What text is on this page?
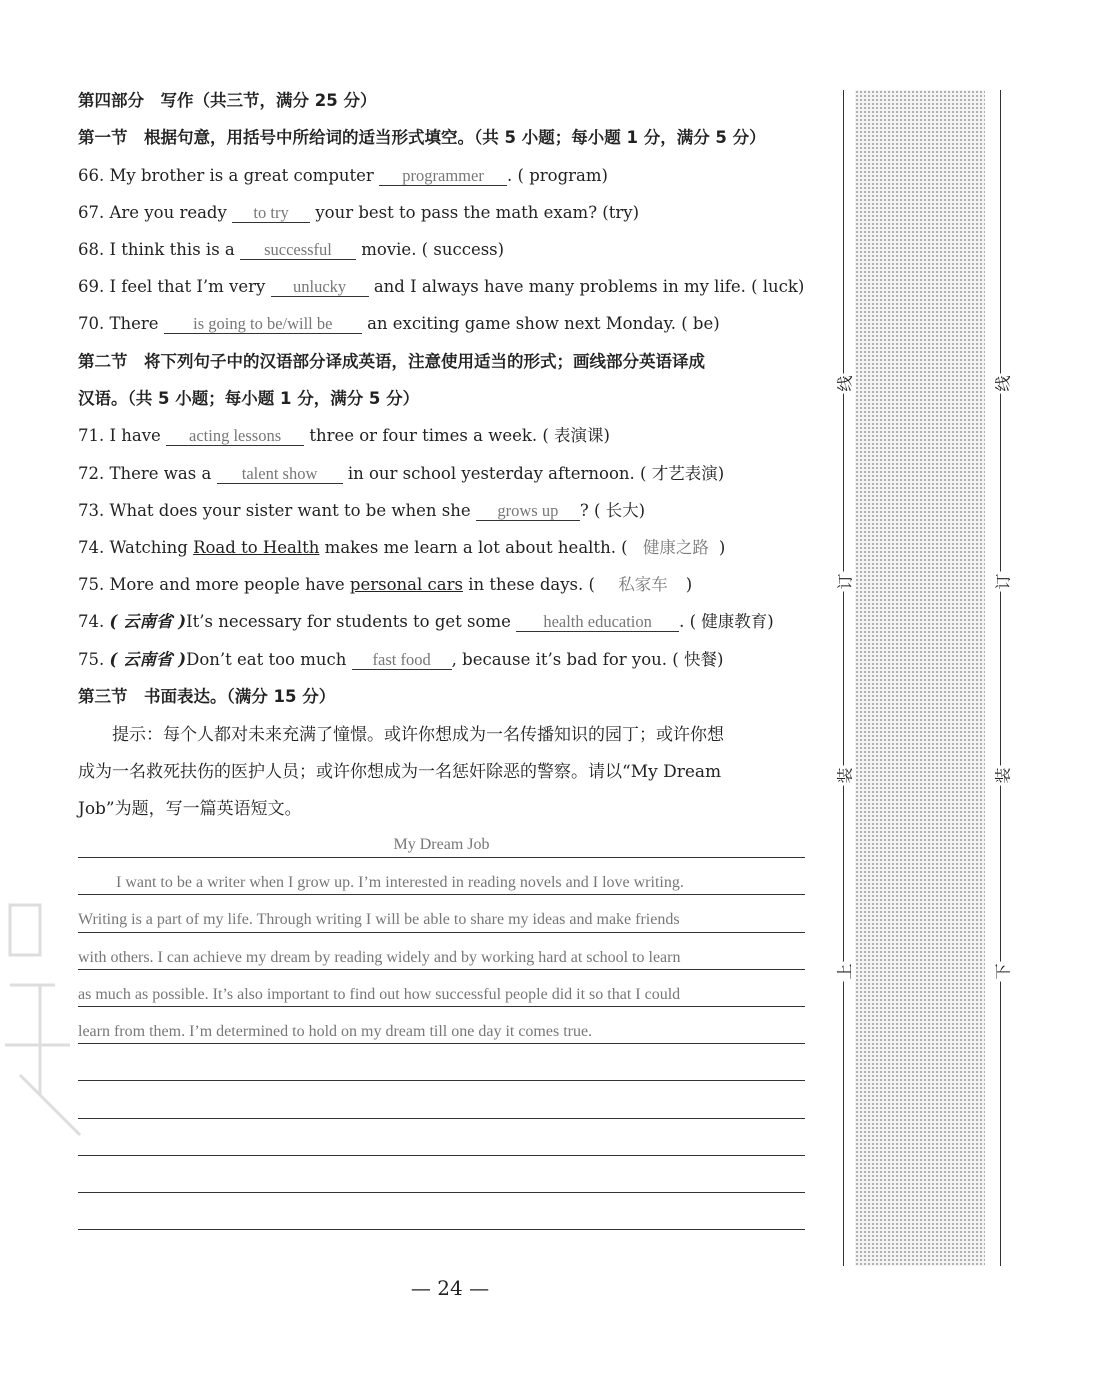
第四部分　写作（共三节，满分 25 分）
第一节　根据句意，用括号中所给词的适当形式填空。（共 5 小题；每小题 1 分，满分 5 分）
66. My brother is a great computer programmer . ( program)
67. Are you ready to try your best to pass the math exam? (try)
68. I think this is a successful movie. ( success)
69. I feel that I’m very unlucky and I always have many problems in my life. ( luck)
70. There is going to be/will be an exciting game show next Monday. ( be)
第二节　将下列句子中的汉语部分译成英语，注意使用适当的形式；画线部分英语译成
汉语。（共 5 小题；每小题 1 分，满分 5 分）
71. I have acting lessons three or four times a week. ( 表演课)
72. There was a talent show in our school yesterday afternoon. ( 才艺表演)
73. What does your sister want to be when she grows up ? ( 长大)
74. Watching Road to Health makes me learn a lot about health. ( 健康之路 )
75. More and more people have personal cars in these days. ( 私家车 )
74. ( 云南省 )It’s necessary for students to get some health education . ( 健康教育)
75. ( 云南省 )Don’t eat too much fast food , because it’s bad for you. ( 快餐)
第三节　书面表达。（满分 15 分）
提示：每个人都对未来充满了憧憬。或许你想成为一名传播知识的园丁；或许你想
成为一名救死扶伤的医护人员；或许你想成为一名惩奸除恶的警察。请以“My Dream
Job”为题，写一篇英语短文。
My Dream Job
I want to be a writer when I grow up. I’m interested in reading novels and I love writing.
Writing is a part of my life. Through writing I will be able to share my ideas and make friends
with others. I can achieve my dream by reading widely and by working hard at school to learn
as much as possible. It’s also important to find out how successful people did it so that I could
learn from them. I’m determined to hold on my dream till one day it comes true.
线
订
装
上
线
订
装
下
— 24 —
